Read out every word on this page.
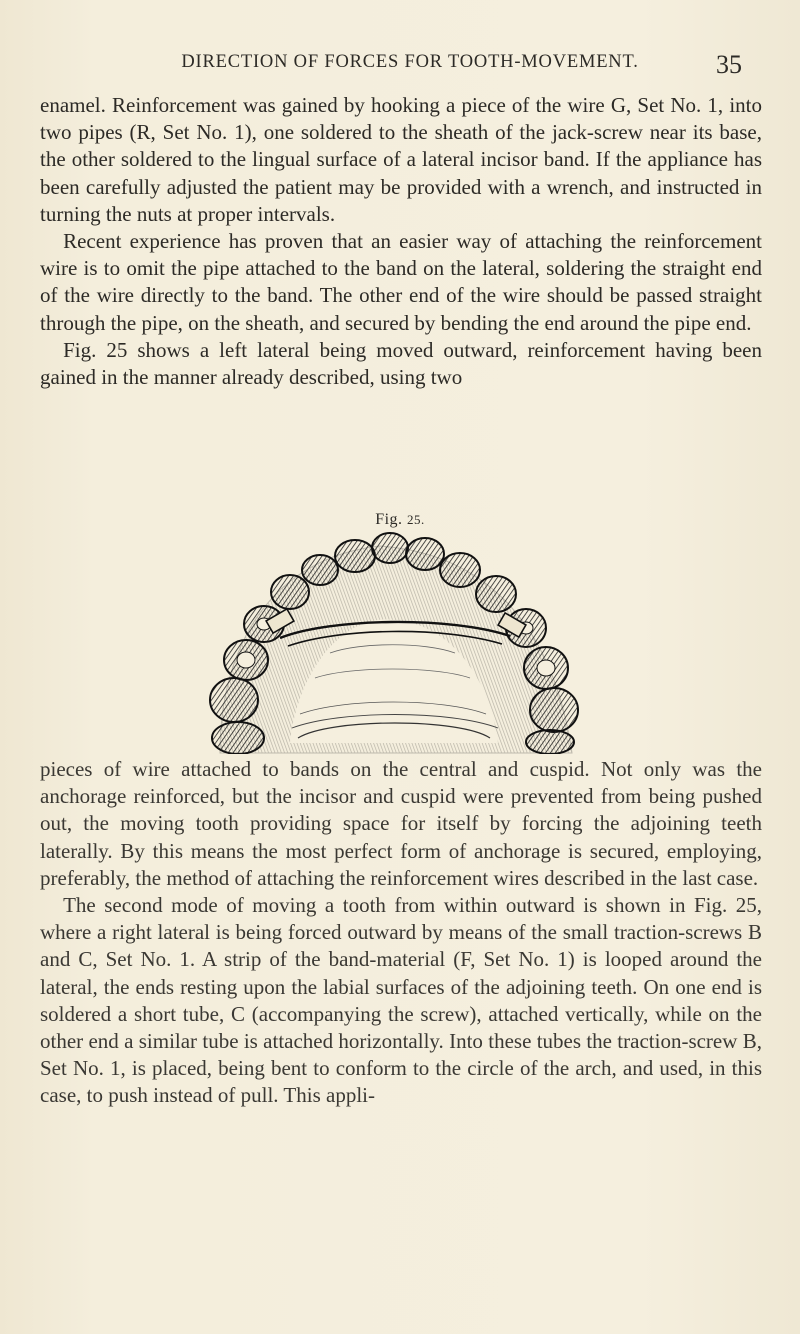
DIRECTION OF FORCES FOR TOOTH-MOVEMENT.	35

enamel. Reinforcement was gained by hooking a piece of the wire G, Set No. 1, into two pipes (R, Set No. 1), one soldered to the sheath of the jack-screw near its base, the other soldered to the lingual surface of a lateral incisor band. If the appliance has been carefully adjusted the patient may be provided with a wrench, and instructed in turning the nuts at proper intervals.

Recent experience has proven that an easier way of attaching the reinforcement wire is to omit the pipe attached to the band on the lateral, soldering the straight end of the wire directly to the band. The other end of the wire should be passed straight through the pipe, on the sheath, and secured by bending the end around the pipe end.

Fig. 25 shows a left lateral being moved outward, reinforcement having been gained in the manner already described, using two

Fig. 25.

pieces of wire attached to bands on the central and cuspid. Not only was the anchorage reinforced, but the incisor and cuspid were prevented from being pushed out, the moving tooth providing space for itself by forcing the adjoining teeth laterally. By this means the most perfect form of anchorage is secured, employing, preferably, the method of attaching the reinforcement wires described in the last case.

The second mode of moving a tooth from within outward is shown in Fig. 25, where a right lateral is being forced outward by means of the small traction-screws B and C, Set No. 1. A strip of the band-material (F, Set No. 1) is looped around the lateral, the ends resting upon the labial surfaces of the adjoining teeth. On one end is soldered a short tube, C (accompanying the screw), attached vertically, while on the other end a similar tube is attached horizontally. Into these tubes the traction-screw B, Set No. 1, is placed, being bent to conform to the circle of the arch, and used, in this case, to push instead of pull. This appli-
